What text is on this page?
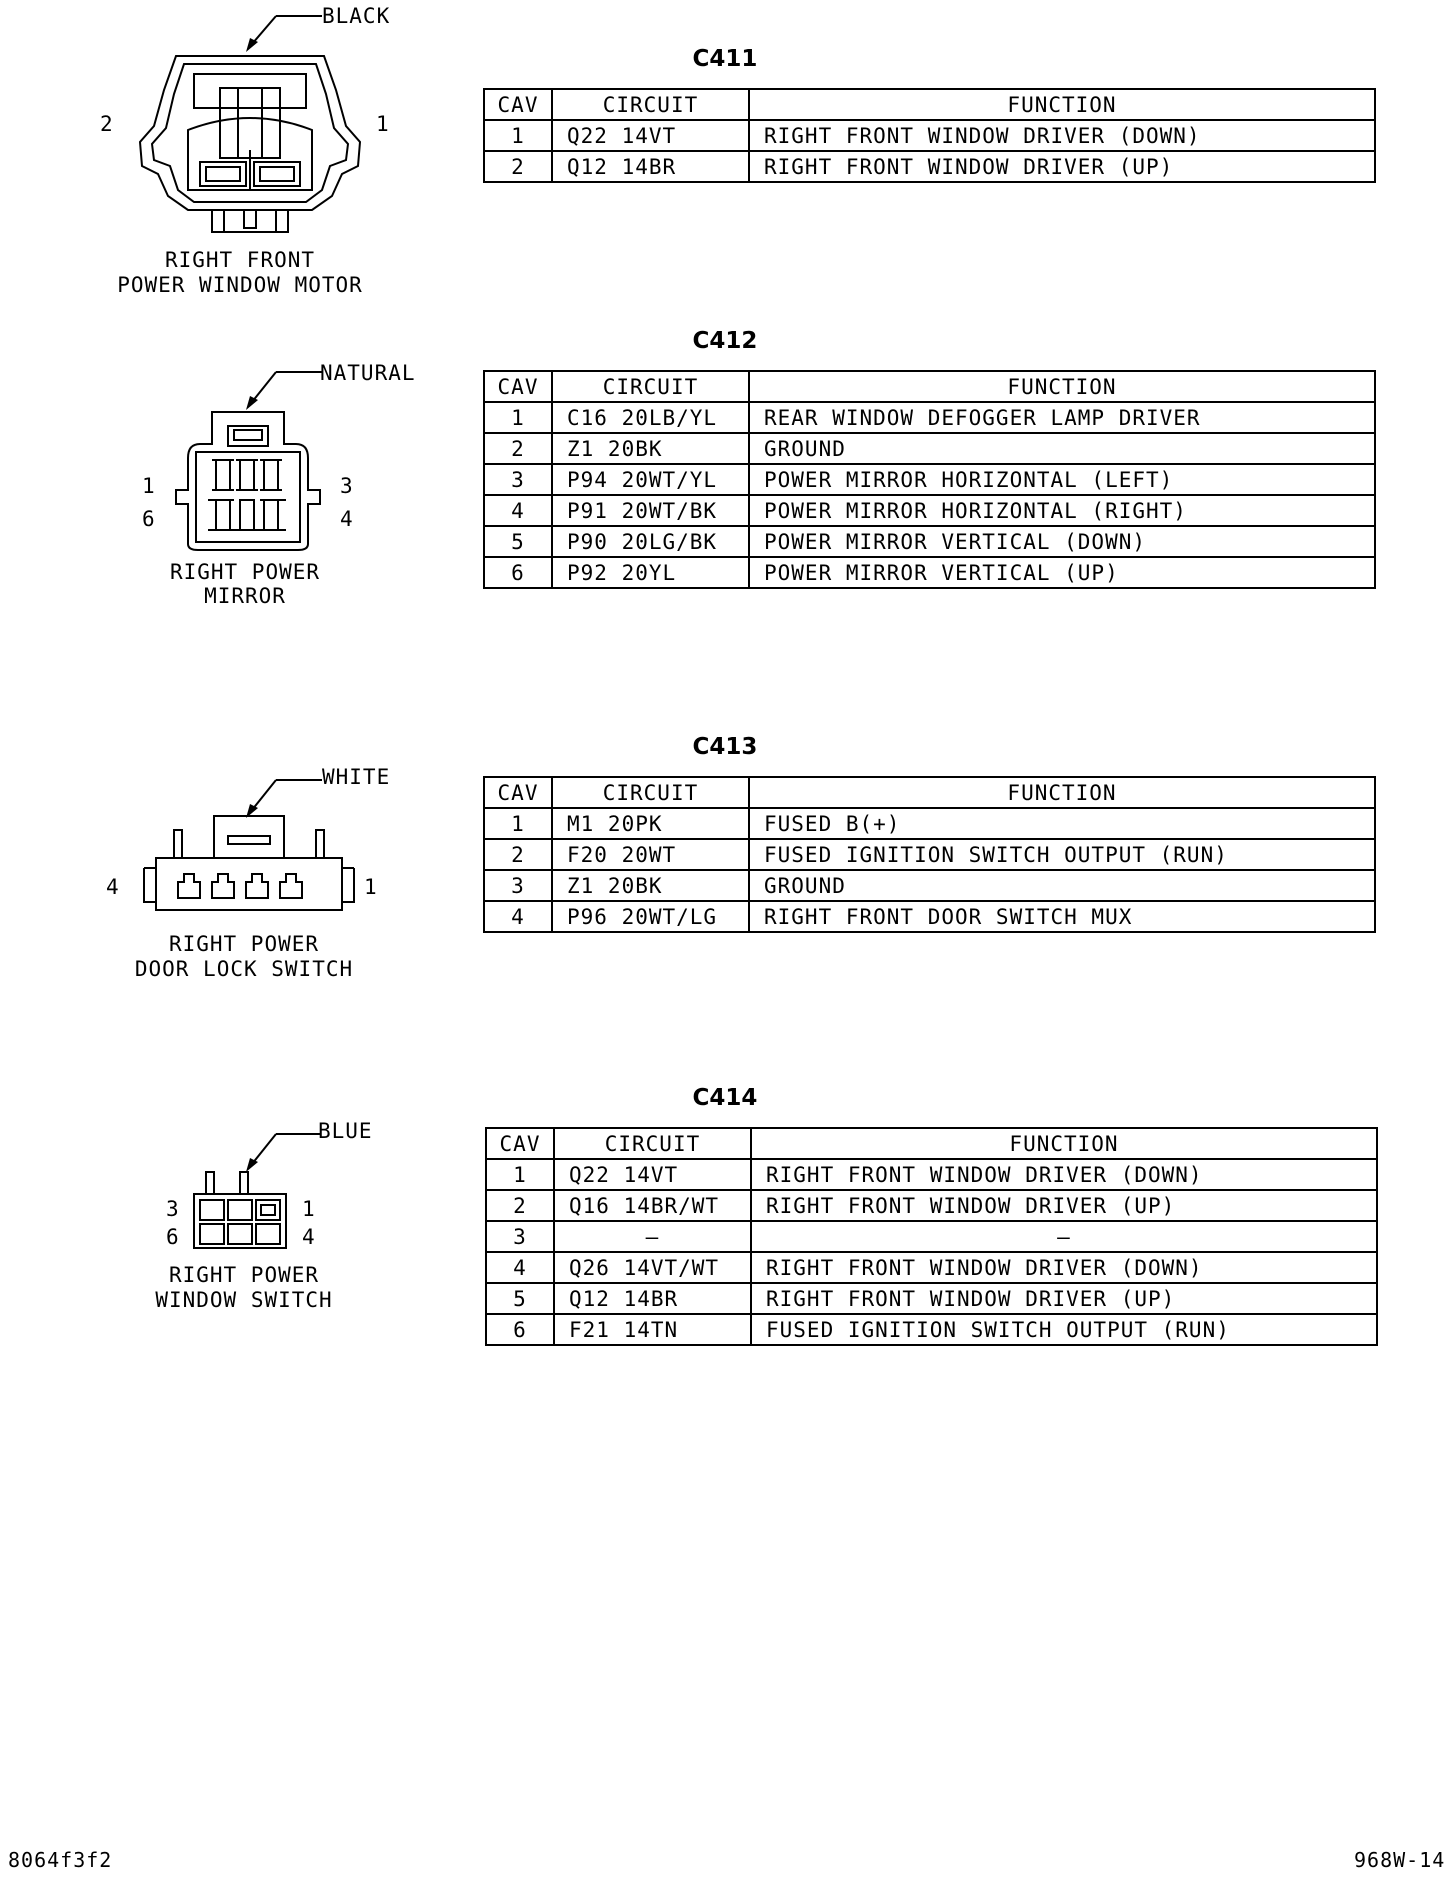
BLACK
2	1
RIGHT FRONT
POWER WINDOW MOTOR
C411
CAV	CIRCUIT	FUNCTION
1	Q22 14VT	RIGHT FRONT WINDOW DRIVER (DOWN)
2	Q12 14BR	RIGHT FRONT WINDOW DRIVER (UP)
NATURAL
1	3
6	4
RIGHT POWER
MIRROR
C412
CAV	CIRCUIT	FUNCTION
1	C16 20LB/YL	REAR WINDOW DEFOGGER LAMP DRIVER
2	Z1 20BK	GROUND
3	P94 20WT/YL	POWER MIRROR HORIZONTAL (LEFT)
4	P91 20WT/BK	POWER MIRROR HORIZONTAL (RIGHT)
5	P90 20LG/BK	POWER MIRROR VERTICAL (DOWN)
6	P92 20YL	POWER MIRROR VERTICAL (UP)
WHITE
4	1
RIGHT POWER
DOOR LOCK SWITCH
C413
CAV	CIRCUIT	FUNCTION
1	M1 20PK	FUSED B(+)
2	F20 20WT	FUSED IGNITION SWITCH OUTPUT (RUN)
3	Z1 20BK	GROUND
4	P96 20WT/LG	RIGHT FRONT DOOR SWITCH MUX
BLUE
3	1
6	4
RIGHT POWER
WINDOW SWITCH
C414
CAV	CIRCUIT	FUNCTION
1	Q22 14VT	RIGHT FRONT WINDOW DRIVER (DOWN)
2	Q16 14BR/WT	RIGHT FRONT WINDOW DRIVER (UP)
3	–	–
4	Q26 14VT/WT	RIGHT FRONT WINDOW DRIVER (DOWN)
5	Q12 14BR	RIGHT FRONT WINDOW DRIVER (UP)
6	F21 14TN	FUSED IGNITION SWITCH OUTPUT (RUN)
8064f3f2	968W-14
